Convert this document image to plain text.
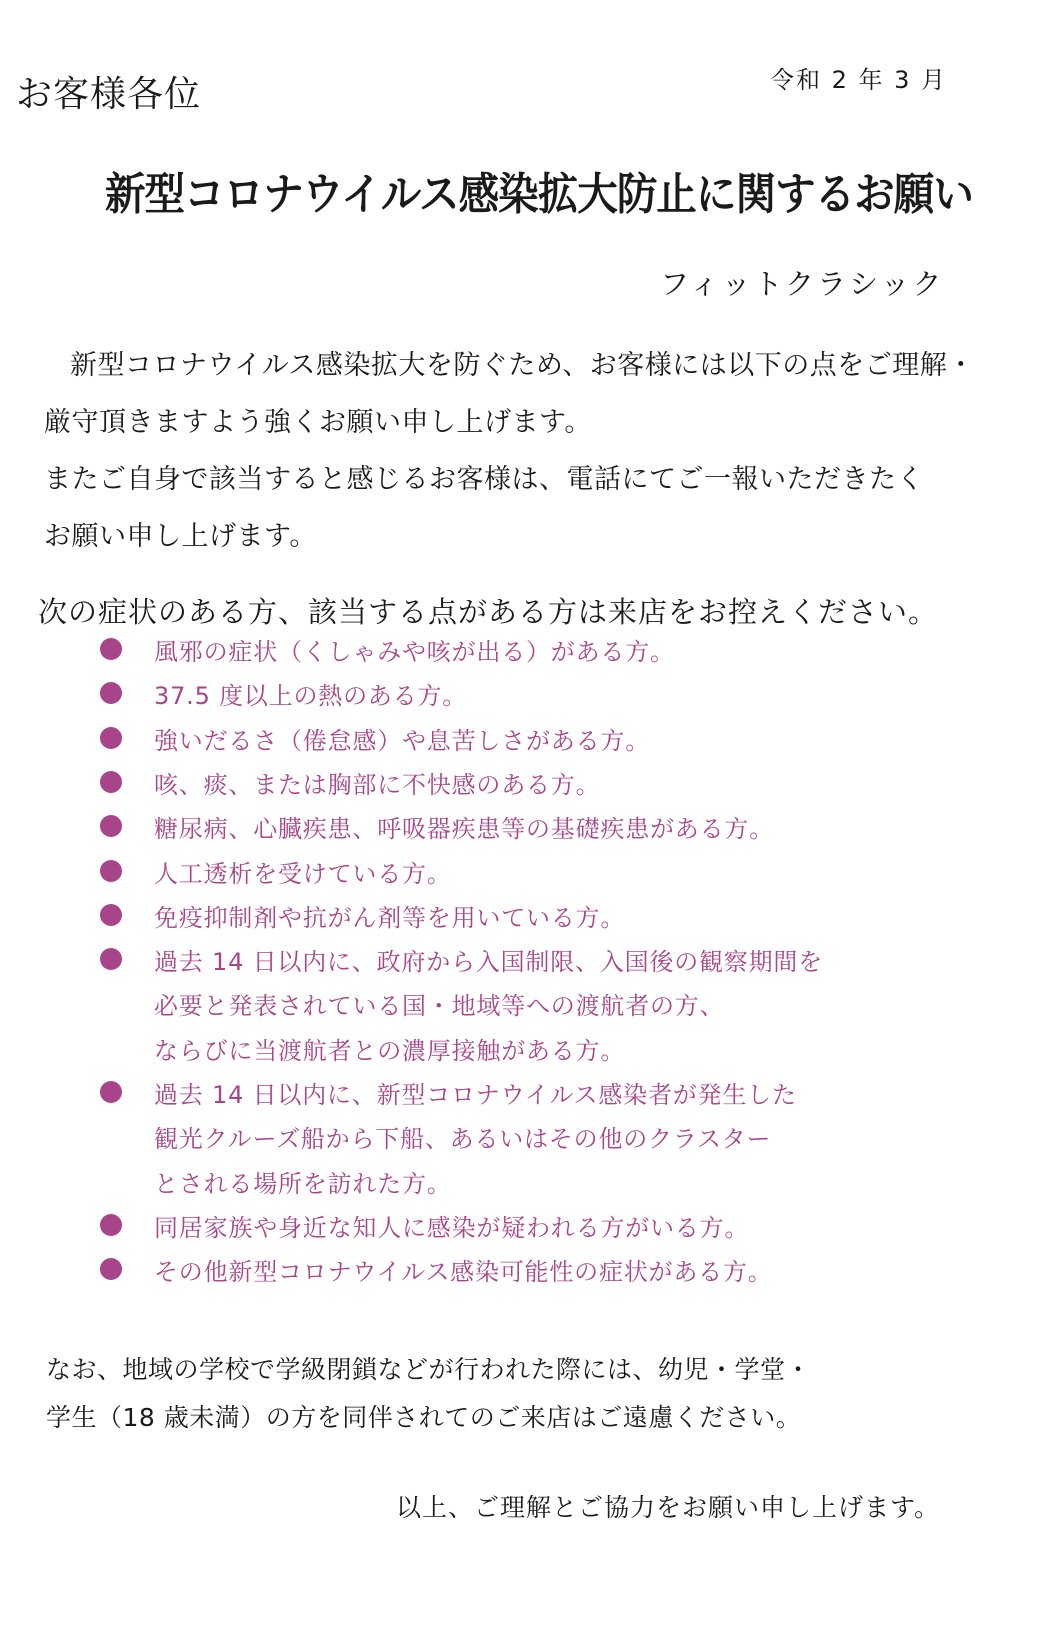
お客様各位	令和 2 年 3 月
新型コロナウイルス感染拡大防止に関するお願い
フィットクラシック
新型コロナウイルス感染拡大を防ぐため、お客様には以下の点をご理解・
厳守頂きますよう強くお願い申し上げます。
またご自身で該当すると感じるお客様は、電話にてご一報いただきたく
お願い申し上げます。
次の症状のある方、該当する点がある方は来店をお控えください。
風邪の症状（くしゃみや咳が出る）がある方。
37.5 度以上の熱のある方。
強いだるさ（倦怠感）や息苦しさがある方。
咳、痰、または胸部に不快感のある方。
糖尿病、心臓疾患、呼吸器疾患等の基礎疾患がある方。
人工透析を受けている方。
免疫抑制剤や抗がん剤等を用いている方。
過去 14 日以内に、政府から入国制限、入国後の観察期間を
必要と発表されている国・地域等への渡航者の方、
ならびに当渡航者との濃厚接触がある方。
過去 14 日以内に、新型コロナウイルス感染者が発生した
観光クルーズ船から下船、あるいはその他のクラスター
とされる場所を訪れた方。
同居家族や身近な知人に感染が疑われる方がいる方。
その他新型コロナウイルス感染可能性の症状がある方。
なお、地域の学校で学級閉鎖などが行われた際には、幼児・学堂・
学生（18 歳未満）の方を同伴されてのご来店はご遠慮ください。
以上、ご理解とご協力をお願い申し上げます。
